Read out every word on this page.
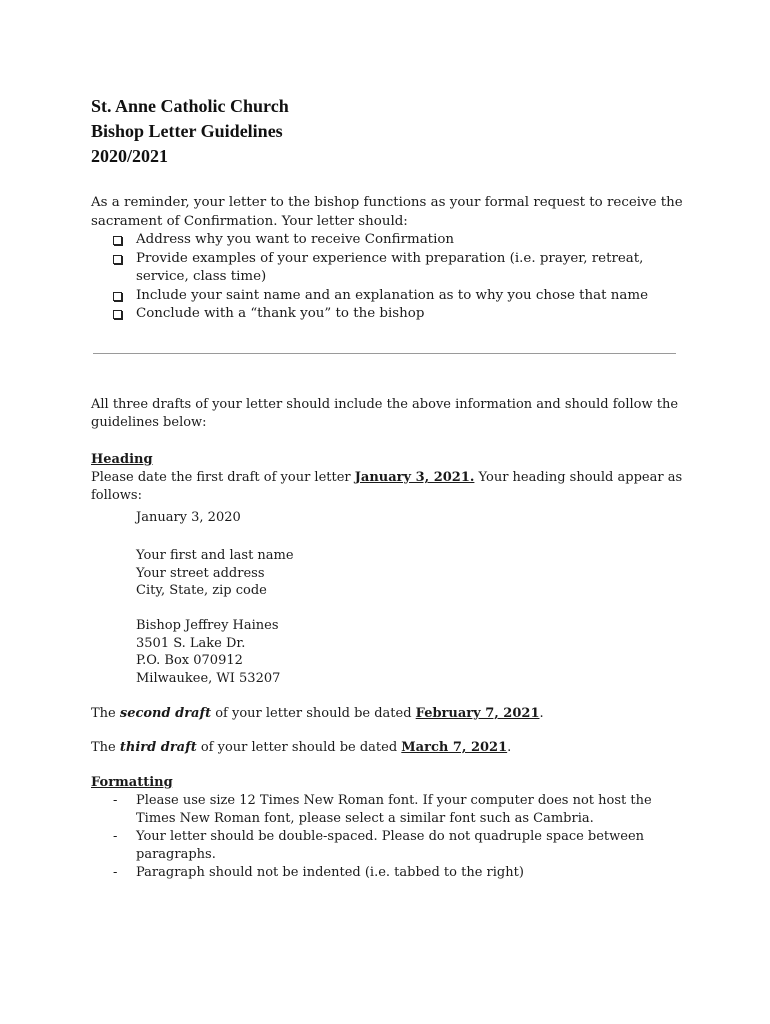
St. Anne Catholic Church
Bishop Letter Guidelines
2020/2021
As a reminder, your letter to the bishop functions as your formal request to receive the sacrament of Confirmation. Your letter should:
Address why you want to receive Confirmation
Provide examples of your experience with preparation (i.e. prayer, retreat, service, class time)
Include your saint name and an explanation as to why you chose that name
Conclude with a “thank you” to the bishop
All three drafts of your letter should include the above information and should follow the guidelines below:
Heading
Please date the first draft of your letter January 3, 2021. Your heading should appear as follows:
January 3, 2020
Your first and last name
Your street address
City, State, zip code
Bishop Jeffrey Haines
3501 S. Lake Dr.
P.O. Box 070912
Milwaukee, WI 53207
The second draft of your letter should be dated February 7, 2021.
The third draft of your letter should be dated March 7, 2021.
Formatting
- Please use size 12 Times New Roman font. If your computer does not host the Times New Roman font, please select a similar font such as Cambria.
- Your letter should be double-spaced. Please do not quadruple space between paragraphs.
- Paragraph should not be indented (i.e. tabbed to the right)
